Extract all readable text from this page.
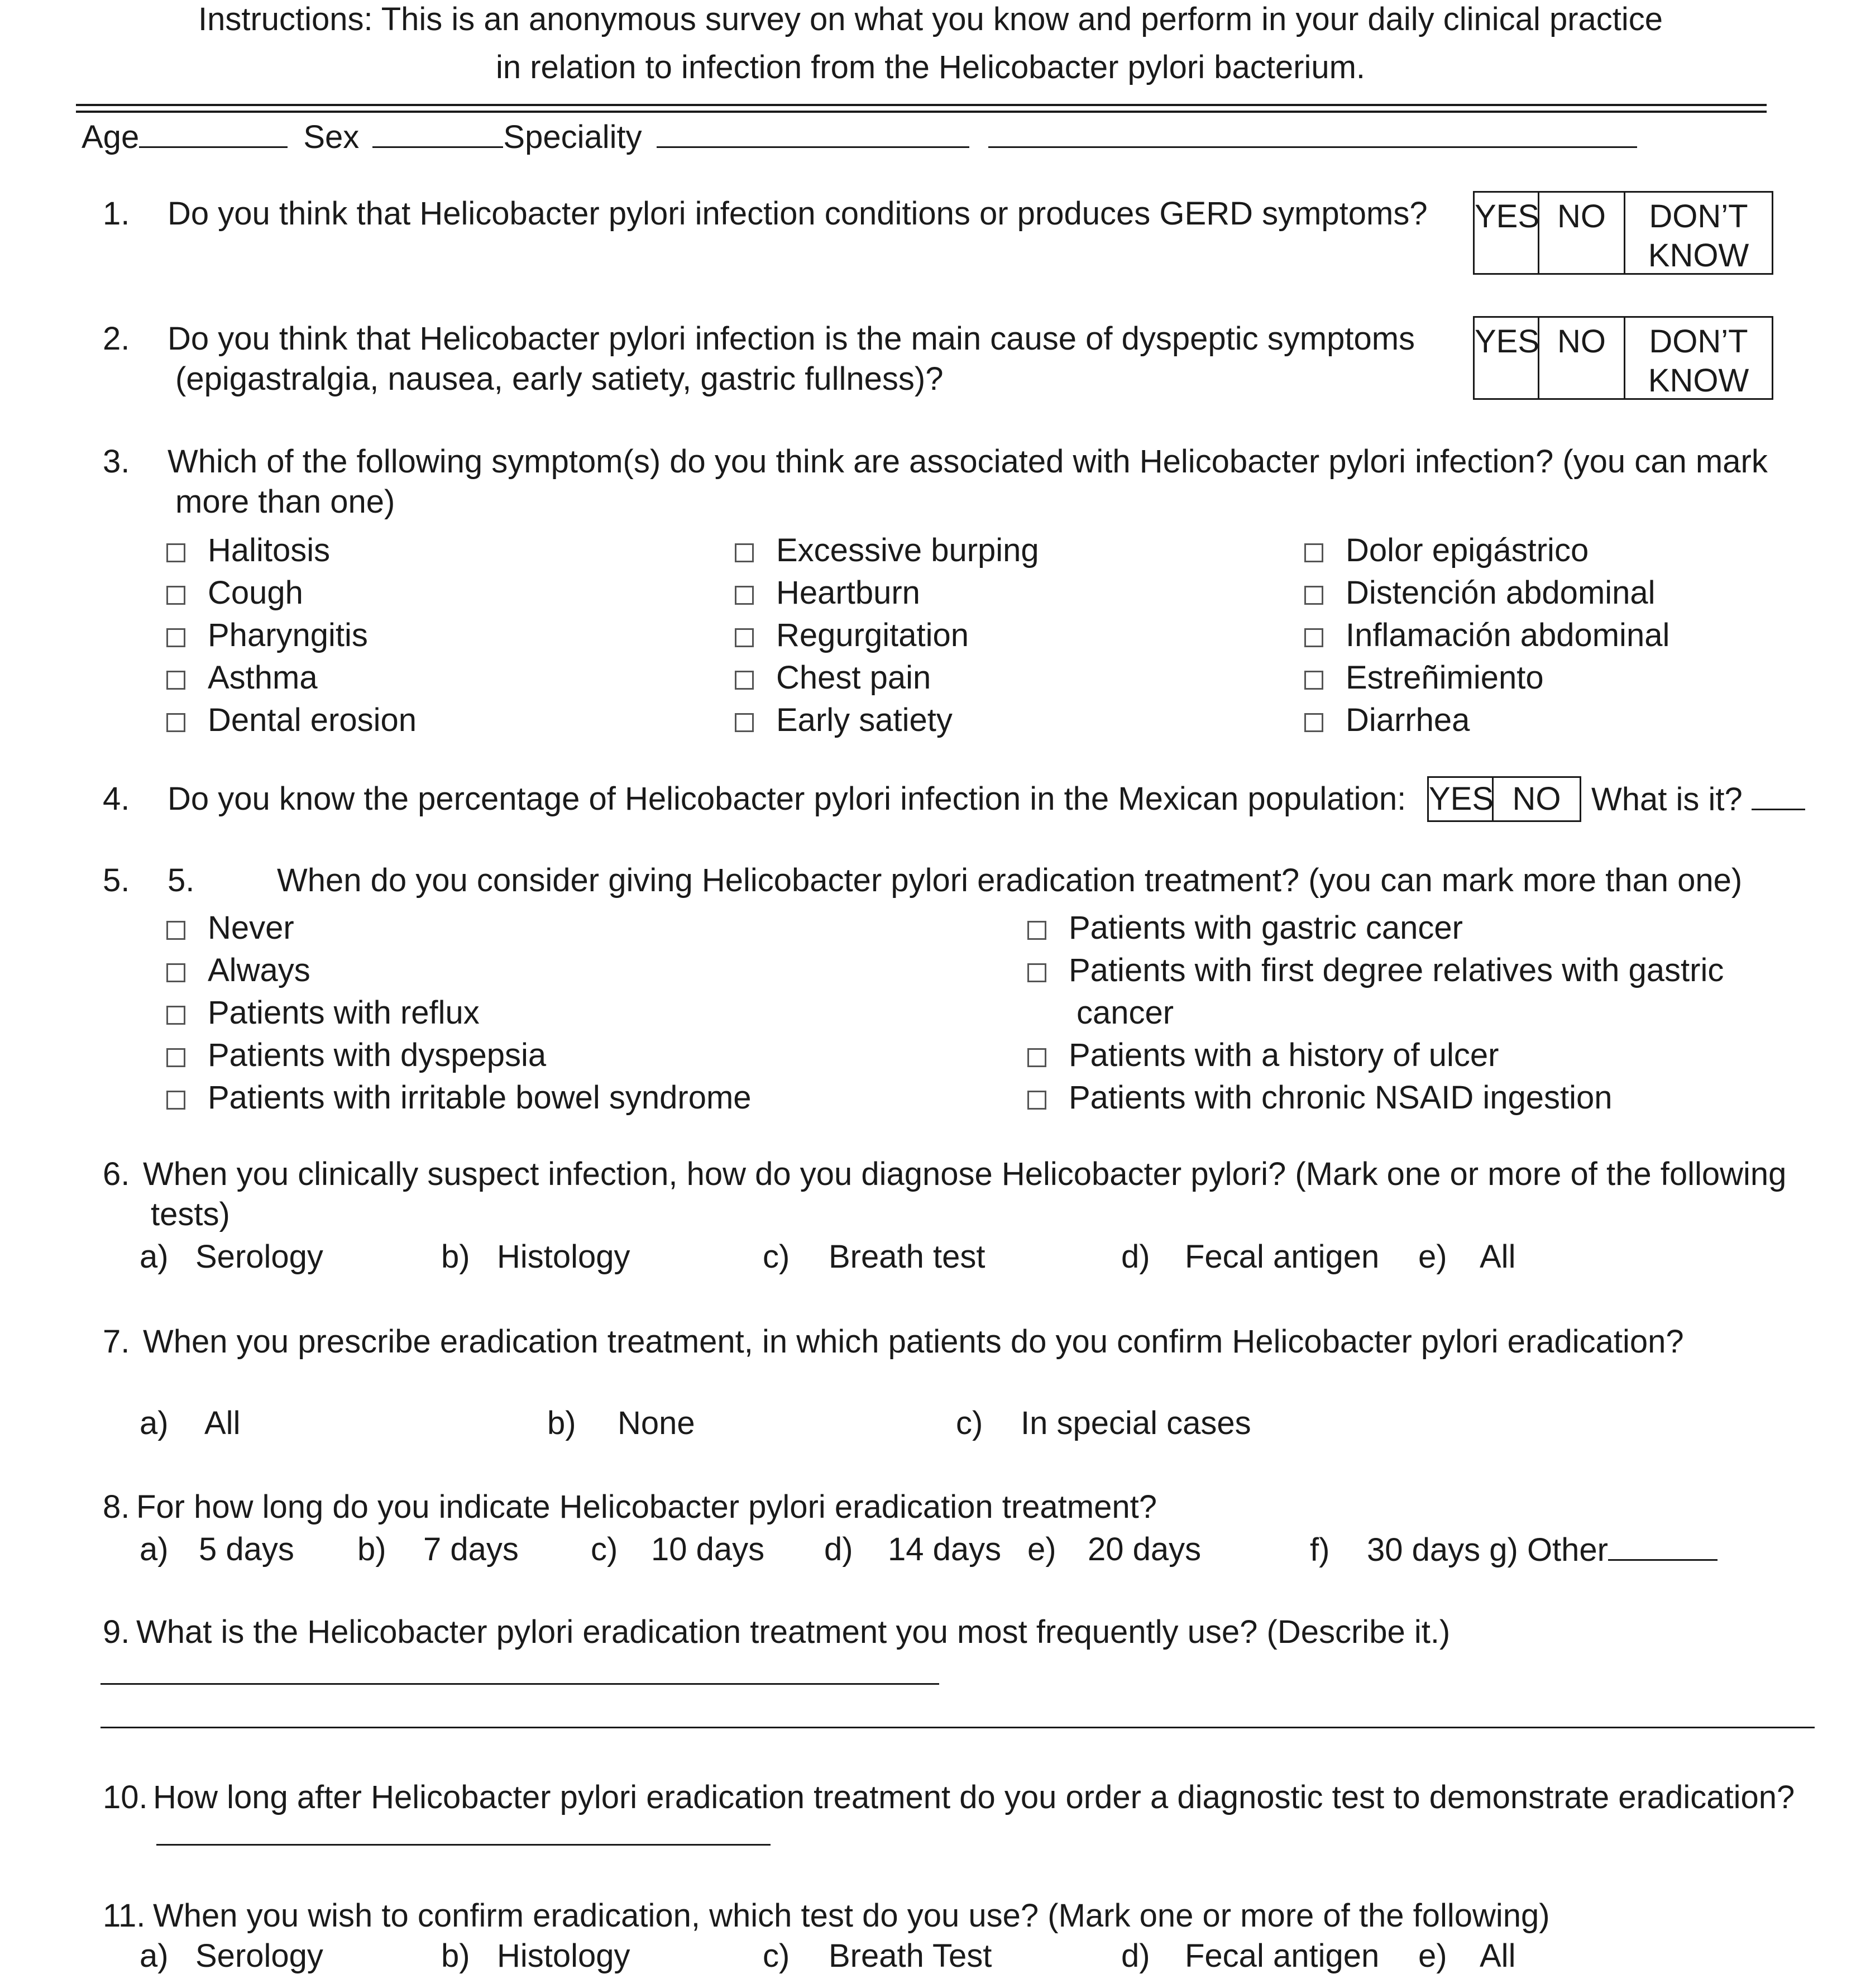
Instructions: This is an anonymous survey on what you know and perform in your daily clinical practice
in relation to infection from the Helicobacter pylori bacterium.
Age	Sex	Speciality
1. Do you think that Helicobacter pylori infection conditions or produces GERD symptoms? YES NO	DON’T
KNOW
2. Do you think that Helicobacter pylori infection is the main cause of dyspeptic symptoms
(epigastralgia, nausea, early satiety, gastric fullness)?
YES NO	DON’T
KNOW
3. Which of the following symptom(s) do you think are associated with Helicobacter pylori infection? (you can mark
more than one)
Halitosis
Cough
Pharyngitis
Asthma
Dental erosion
Excessive burping
Heartburn
Regurgitation
Chest pain
Early satiety
Dolor epigástrico
Distención abdominal
Inflamación abdominal
Estreñimiento
Diarrhea
4. Do you know the percentage of Helicobacter pylori infection in the Mexican population: YES NO What is it?
5. 5.	When do you consider giving Helicobacter pylori eradication treatment? (you can mark more than one)
Never
Always
Patients with reflux
Patients with dyspepsia
Patients with irritable bowel syndrome
Patients with gastric cancer
Patients with first degree relatives with gastric
cancer
Patients with a history of ulcer
Patients with chronic NSAID ingestion
6. When you clinically suspect infection, how do you diagnose Helicobacter pylori? (Mark one or more of the following
tests)
a) Serology	b) Histology	c) Breath test	d) Fecal antigen e) All
7. When you prescribe eradication treatment, in which patients do you confirm Helicobacter pylori eradication?
a) All	b) None	c) In special cases
8. For how long do you indicate Helicobacter pylori eradication treatment?
a) 5 days b) 7 days c) 10 days d) 14 days e) 20 days	f) 30 days g) Other
9. What is the Helicobacter pylori eradication treatment you most frequently use? (Describe it.)
10. How long after Helicobacter pylori eradication treatment do you order a diagnostic test to demonstrate eradication?
11. When you wish to confirm eradication, which test do you use? (Mark one or more of the following)
a) Serology	b) Histology	c) Breath Test	d) Fecal antigen e) All
